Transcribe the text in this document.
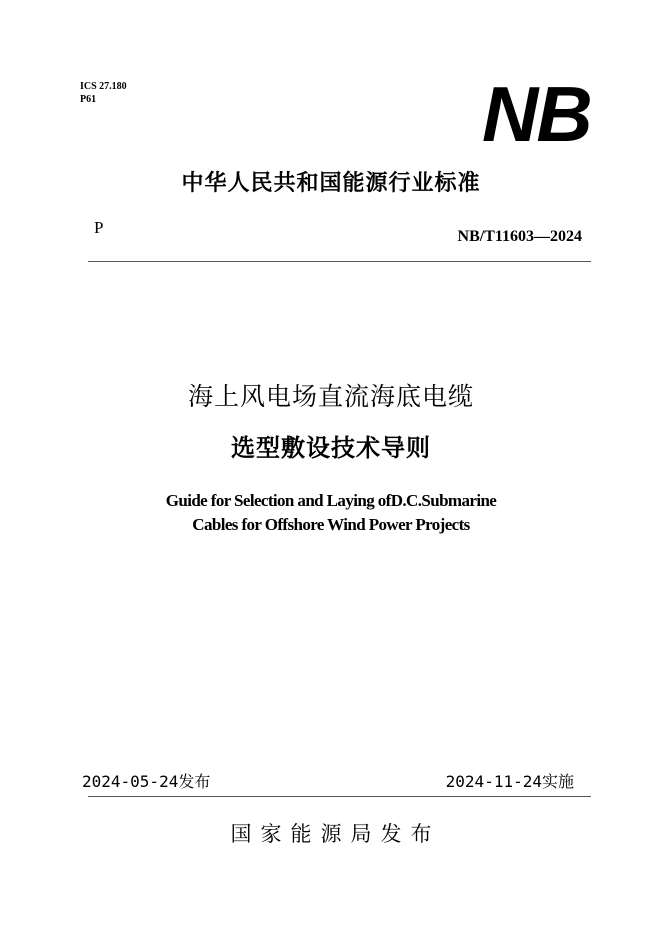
ICS 27.180
P61	NB
中华人民共和国能源行业标准
P	NB/T11603—2024
海上风电场直流海底电缆
选型敷设技术导则
Guide for Selection and Laying ofD.C.Submarine
Cables for Offshore Wind Power Projects
2024-05-24发布	2024-11-24实施
国家能源局发布
